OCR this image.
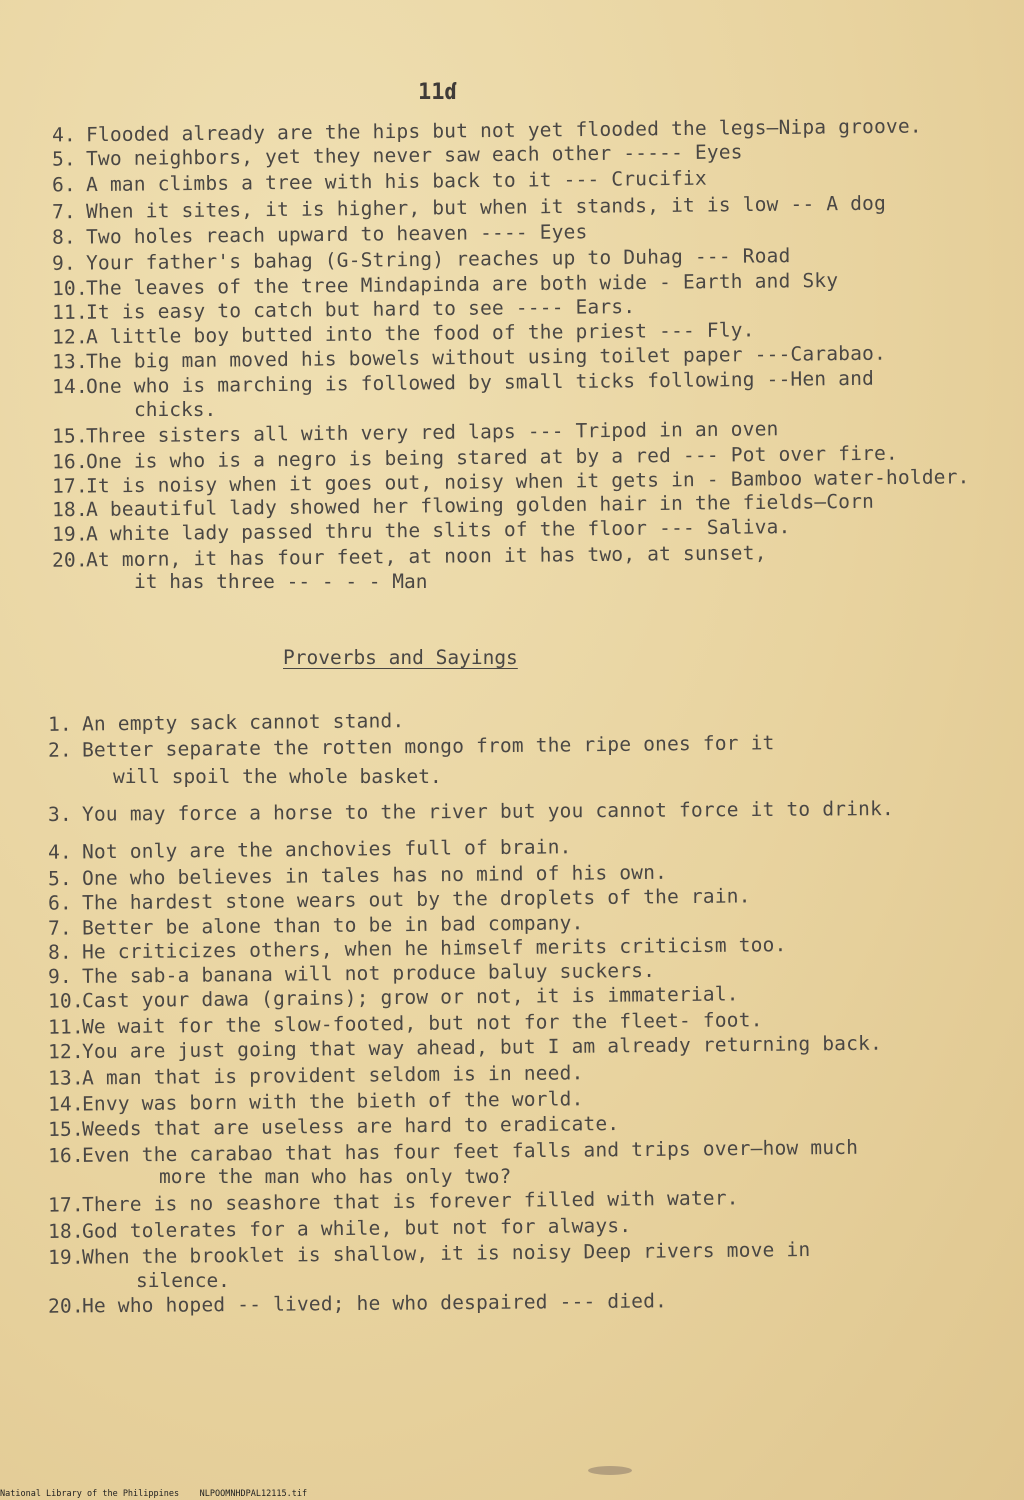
11ɗ
4. Flooded already are the hips but not yet flooded the legs—Nipa groove.
5. Two neighbors, yet they never saw each other ----- Eyes
6. A man climbs a tree with his back to it --- Crucifix
7. When it sites, it is higher, but when it stands, it is low -- A dog
8. Two holes reach upward to heaven ---- Eyes
9. Your father's bahag (G-String) reaches up to Duhag --- Road
10.The leaves of the tree Mindapinda are both wide - Earth and Sky
11.It is easy to catch but hard to see ---- Ears.
12.A little boy butted into the food of the priest --- Fly.
13.The big man moved his bowels without using toilet paper ---Carabao.
14.One who is marching is followed by small ticks following --Hen and
chicks.
15.Three sisters all with very red laps --- Tripod in an oven
16.One is who is a negro is being stared at by a red --- Pot over fire.
17.It is noisy when it goes out, noisy when it gets in - Bamboo water-holder.
18.A beautiful lady showed her flowing golden hair in the fields—Corn
19.A white lady passed thru the slits of the floor --- Saliva.
20.At morn, it has four feet, at noon it has two, at sunset,
it has three -- - - - Man
Proverbs and Sayings
1. An empty sack cannot stand.
2. Better separate the rotten mongo from the ripe ones for it
will spoil the whole basket.
3. You may force a horse to the river but you cannot force it to drink.
4. Not only are the anchovies full of brain.
5. One who believes in tales has no mind of his own.
6. The hardest stone wears out by the droplets of the rain.
7. Better be alone than to be in bad company.
8. He criticizes others, when he himself merits criticism too.
9. The sab-a banana will not produce baluy suckers.
10.Cast your dawa (grains); grow or not, it is immaterial.
11.We wait for the slow-footed, but not for the fleet- foot.
12.You are just going that way ahead, but I am already returning back.
13.A man that is provident seldom is in need.
14.Envy was born with the bieth of the world.
15.Weeds that are useless are hard to eradicate.
16.Even the carabao that has four feet falls and trips over—how much
more the man who has only two?
17.There is no seashore that is forever filled with water.
18.God tolerates for a while, but not for always.
19.When the brooklet is shallow, it is noisy Deep rivers move in
silence.
20.He who hoped -- lived; he who despaired --- died.
National Library of the Philippines NLPOOMNHDPAL12115.tif
